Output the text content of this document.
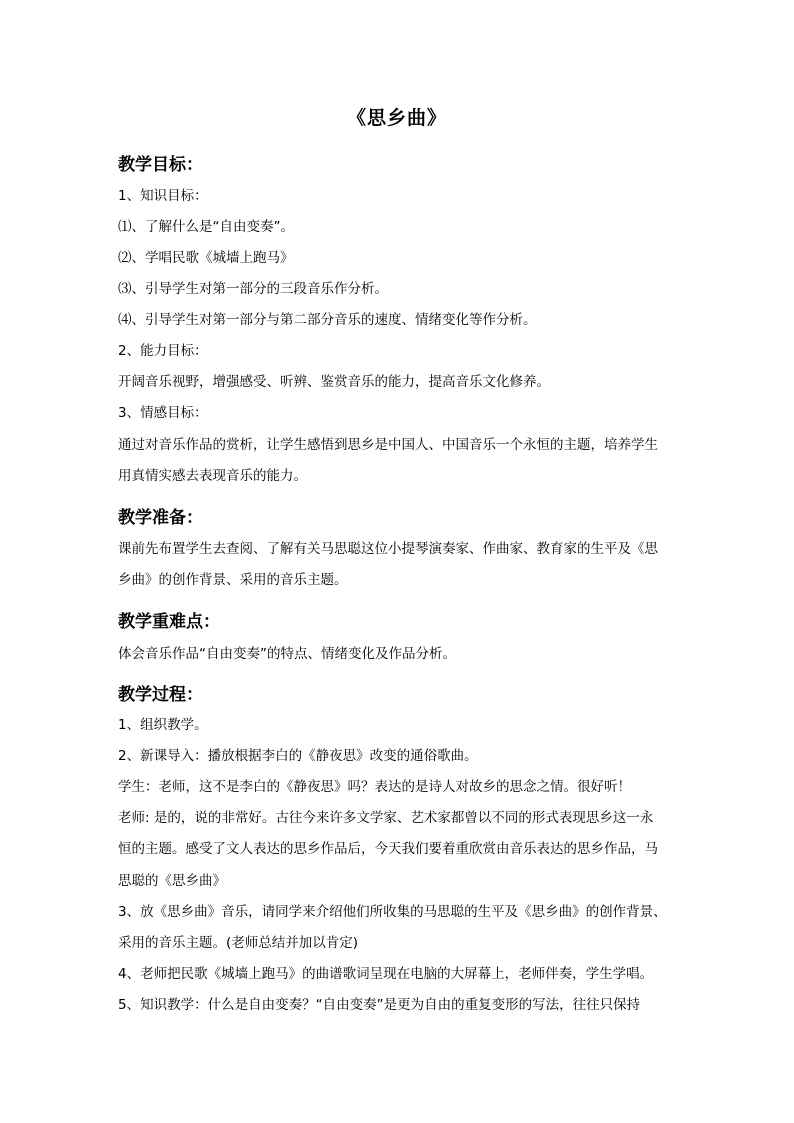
《思乡曲》
教学目标：
1、知识目标：
⑴、了解什么是“自由变奏”。
⑵、学唱民歌《城墙上跑马》
⑶、引导学生对第一部分的三段音乐作分析。
⑷、引导学生对第一部分与第二部分音乐的速度、情绪变化等作分析。
2、能力目标：
开阔音乐视野，增强感受、听辨、鉴赏音乐的能力，提高音乐文化修养。
3、情感目标：
通过对音乐作品的赏析，让学生感悟到思乡是中国人、中国音乐一个永恒的主题，培养学生
用真情实感去表现音乐的能力。
教学准备：
课前先布置学生去查阅、了解有关马思聪这位小提琴演奏家、作曲家、教育家的生平及《思
乡曲》的创作背景、采用的音乐主题。
教学重难点：
体会音乐作品“自由变奏”的特点、情绪变化及作品分析。
教学过程：
1、组织教学。
2、新课导入：播放根据李白的《静夜思》改变的通俗歌曲。
学生：老师，这不是李白的《静夜思》吗？表达的是诗人对故乡的思念之情。很好听！
老师: 是的，说的非常好。古往今来许多文学家、艺术家都曾以不同的形式表现思乡这一永
恒的主题。感受了文人表达的思乡作品后，今天我们要着重欣赏由音乐表达的思乡作品，马
思聪的《思乡曲》
3、放《思乡曲》音乐，请同学来介绍他们所收集的马思聪的生平及《思乡曲》的创作背景、
采用的音乐主题。(老师总结并加以肯定)
4、老师把民歌《城墙上跑马》的曲谱歌词呈现在电脑的大屏幕上，老师伴奏，学生学唱。
5、知识教学：什么是自由变奏？“自由变奏”是更为自由的重复变形的写法，往往只保持
